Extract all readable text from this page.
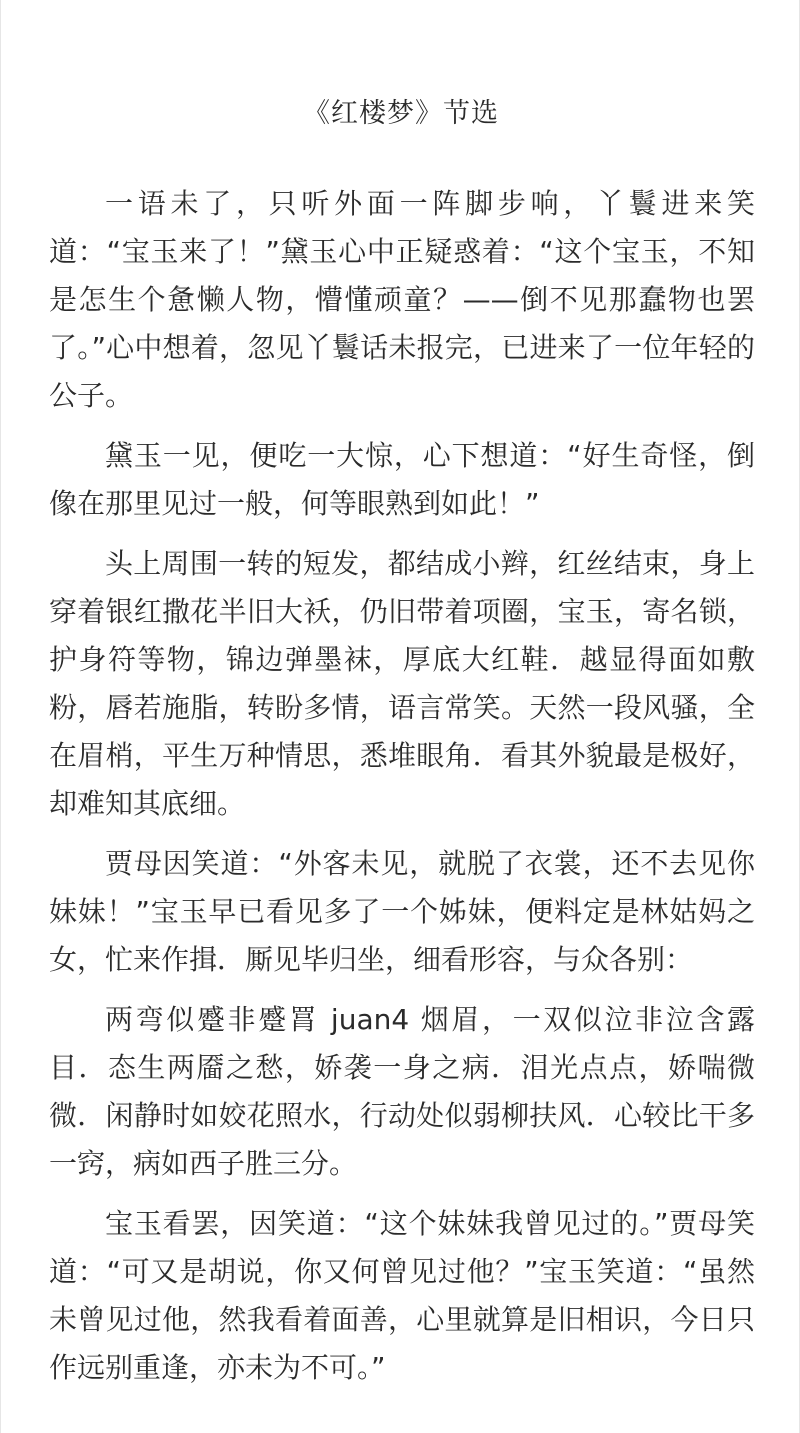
《红楼梦》节选

一语未了，只听外面一阵脚步响，丫鬟进来笑道：“宝玉来了！”黛玉心中正疑惑着：“这个宝玉，不知是怎生个惫懒人物，懵懂顽童？——倒不见那蠢物也罢了。”心中想着，忽见丫鬟话未报完，已进来了一位年轻的公子。

黛玉一见，便吃一大惊，心下想道：“好生奇怪，倒像在那里见过一般，何等眼熟到如此！”

头上周围一转的短发，都结成小辫，红丝结束，身上穿着银红撒花半旧大袄，仍旧带着项圈，宝玉，寄名锁，护身符等物，锦边弹墨袜，厚底大红鞋．越显得面如敷粉，唇若施脂，转盼多情，语言常笑。天然一段风骚，全在眉梢，平生万种情思，悉堆眼角．看其外貌最是极好，却难知其底细。

贾母因笑道：“外客未见，就脱了衣裳，还不去见你妹妹！”宝玉早已看见多了一个姊妹，便料定是林姑妈之女，忙来作揖．厮见毕归坐，细看形容，与众各别：

两弯似蹙非蹙罥 juan4 烟眉，一双似泣非泣含露目．态生两靥之愁，娇袭一身之病．泪光点点，娇喘微微．闲静时如姣花照水，行动处似弱柳扶风．心较比干多一窍，病如西子胜三分。

宝玉看罢，因笑道：“这个妹妹我曾见过的。”贾母笑道：“可又是胡说，你又何曾见过他？”宝玉笑道：“虽然未曾见过他，然我看着面善，心里就算是旧相识，今日只作远别重逢，亦未为不可。”
